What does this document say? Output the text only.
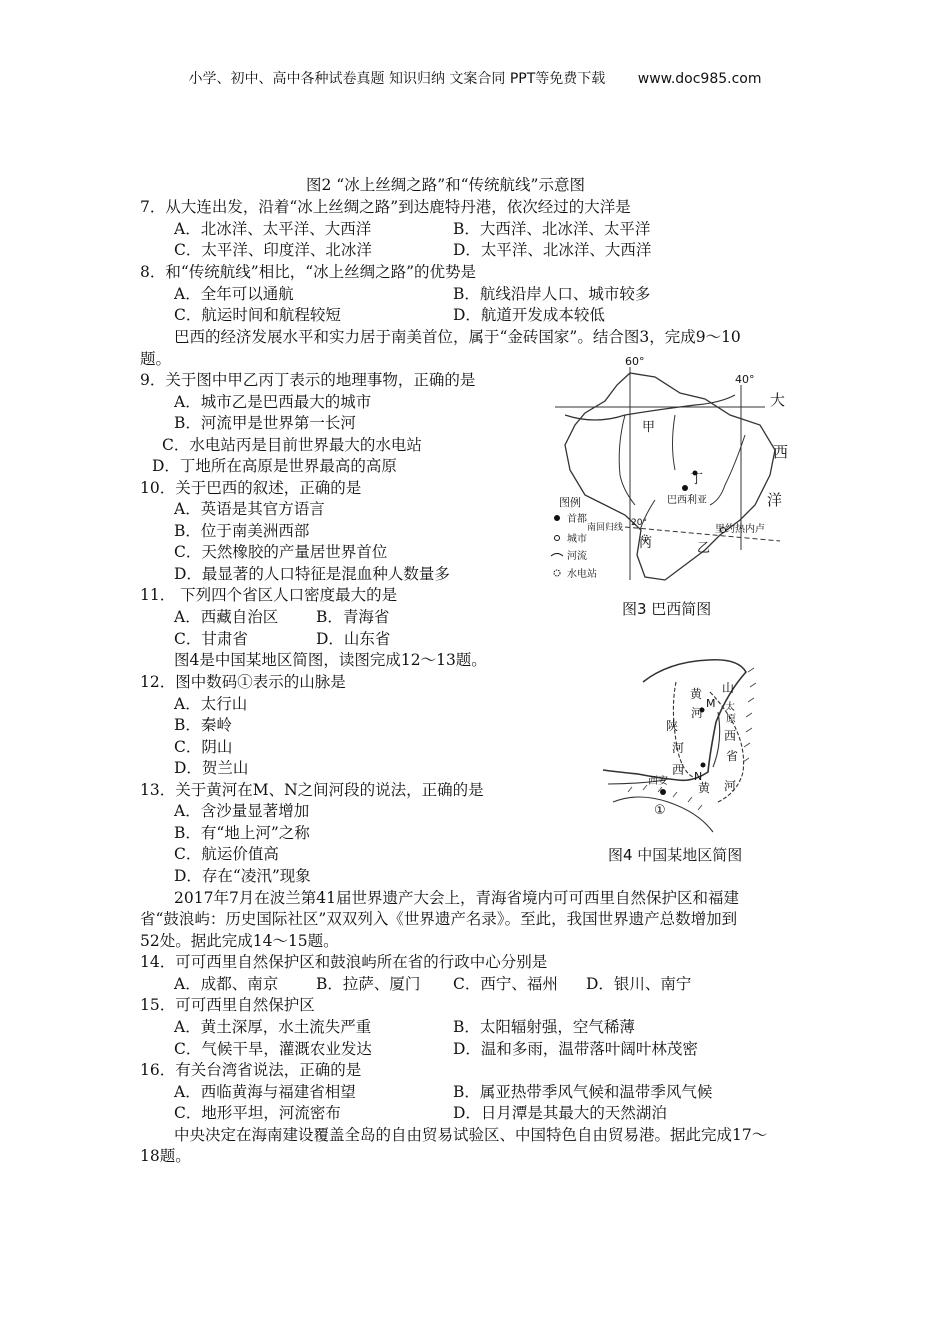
小学、初中、高中各种试卷真题 知识归纳 文案合同 PPT等免费下载 www.doc985.com
图2 “冰上丝绸之路”和“传统航线”示意图
7．从大连出发，沿着“冰上丝绸之路”到达鹿特丹港，依次经过的大洋是
A．北冰洋、太平洋、大西洋	B．大西洋、北冰洋、太平洋
C．太平洋、印度洋、北冰洋	D．太平洋、北冰洋、大西洋
8．和“传统航线”相比，“冰上丝绸之路”的优势是
A．全年可以通航	B．航线沿岸人口、城市较多
C．航运时间和航程较短	D．航道开发成本较低
巴西的经济发展水平和实力居于南美首位，属于“金砖国家”。结合图3，完成9～10
题。
9．关于图中甲乙丙丁表示的地理事物，正确的是
A．城市乙是巴西最大的城市
B．河流甲是世界第一长河
C．水电站丙是目前世界最大的水电站
D．丁地所在高原是世界最高的高原
10．关于巴西的叙述，正确的是
A．英语是其官方语言
B．位于南美洲西部
C．天然橡胶的产量居世界首位
D．最显著的人口特征是混血种人数量多
11． 下列四个省区人口密度最大的是
A．西藏自治区 B．青海省
C．甘肃省	D．山东省
图4是中国某地区简图，读图完成12～13题。
12．图中数码①表示的山脉是
A．太行山
B．秦岭
C．阴山
D．贺兰山
13．关于黄河在M、N之间河段的说法，正确的是
A．含沙量显著增加
B．有“地上河”之称
C．航运价值高
D．存在“凌汛”现象
2017年7月在波兰第41届世界遗产大会上，青海省境内可可西里自然保护区和福建
省“鼓浪屿：历史国际社区”双双列入《世界遗产名录》。至此，我国世界遗产总数增加到
52处。据此完成14～15题。
14．可可西里自然保护区和鼓浪屿所在省的行政中心分别是
A．成都、南京 B．拉萨、厦门 C．西宁、福州 D．银川、南宁
15．可可西里自然保护区
A．黄土深厚，水土流失严重	B．太阳辐射强，空气稀薄
C．气候干旱，灌溉农业发达	D．温和多雨，温带落叶阔叶林茂密
16．有关台湾省说法，正确的是
A．西临黄海与福建省相望	B．属亚热带季风气候和温带季风气候
C．地形平坦，河流密布	D．日月潭是其最大的天然湖泊
中央决定在海南建设覆盖全岛的自由贸易试验区、中国特色自由贸易港。据此完成17～
18题。
60°
40°
20°
大
西
洋
甲
丁
巴西利亚
南回归线	里约热内卢
丙	乙
图例
首都
城市
河流
水电站
图3 巴西简图
黄
河
M
N
山
太
原
西
省
陕
河
西
西安	黄 河
①
图4 中国某地区简图
